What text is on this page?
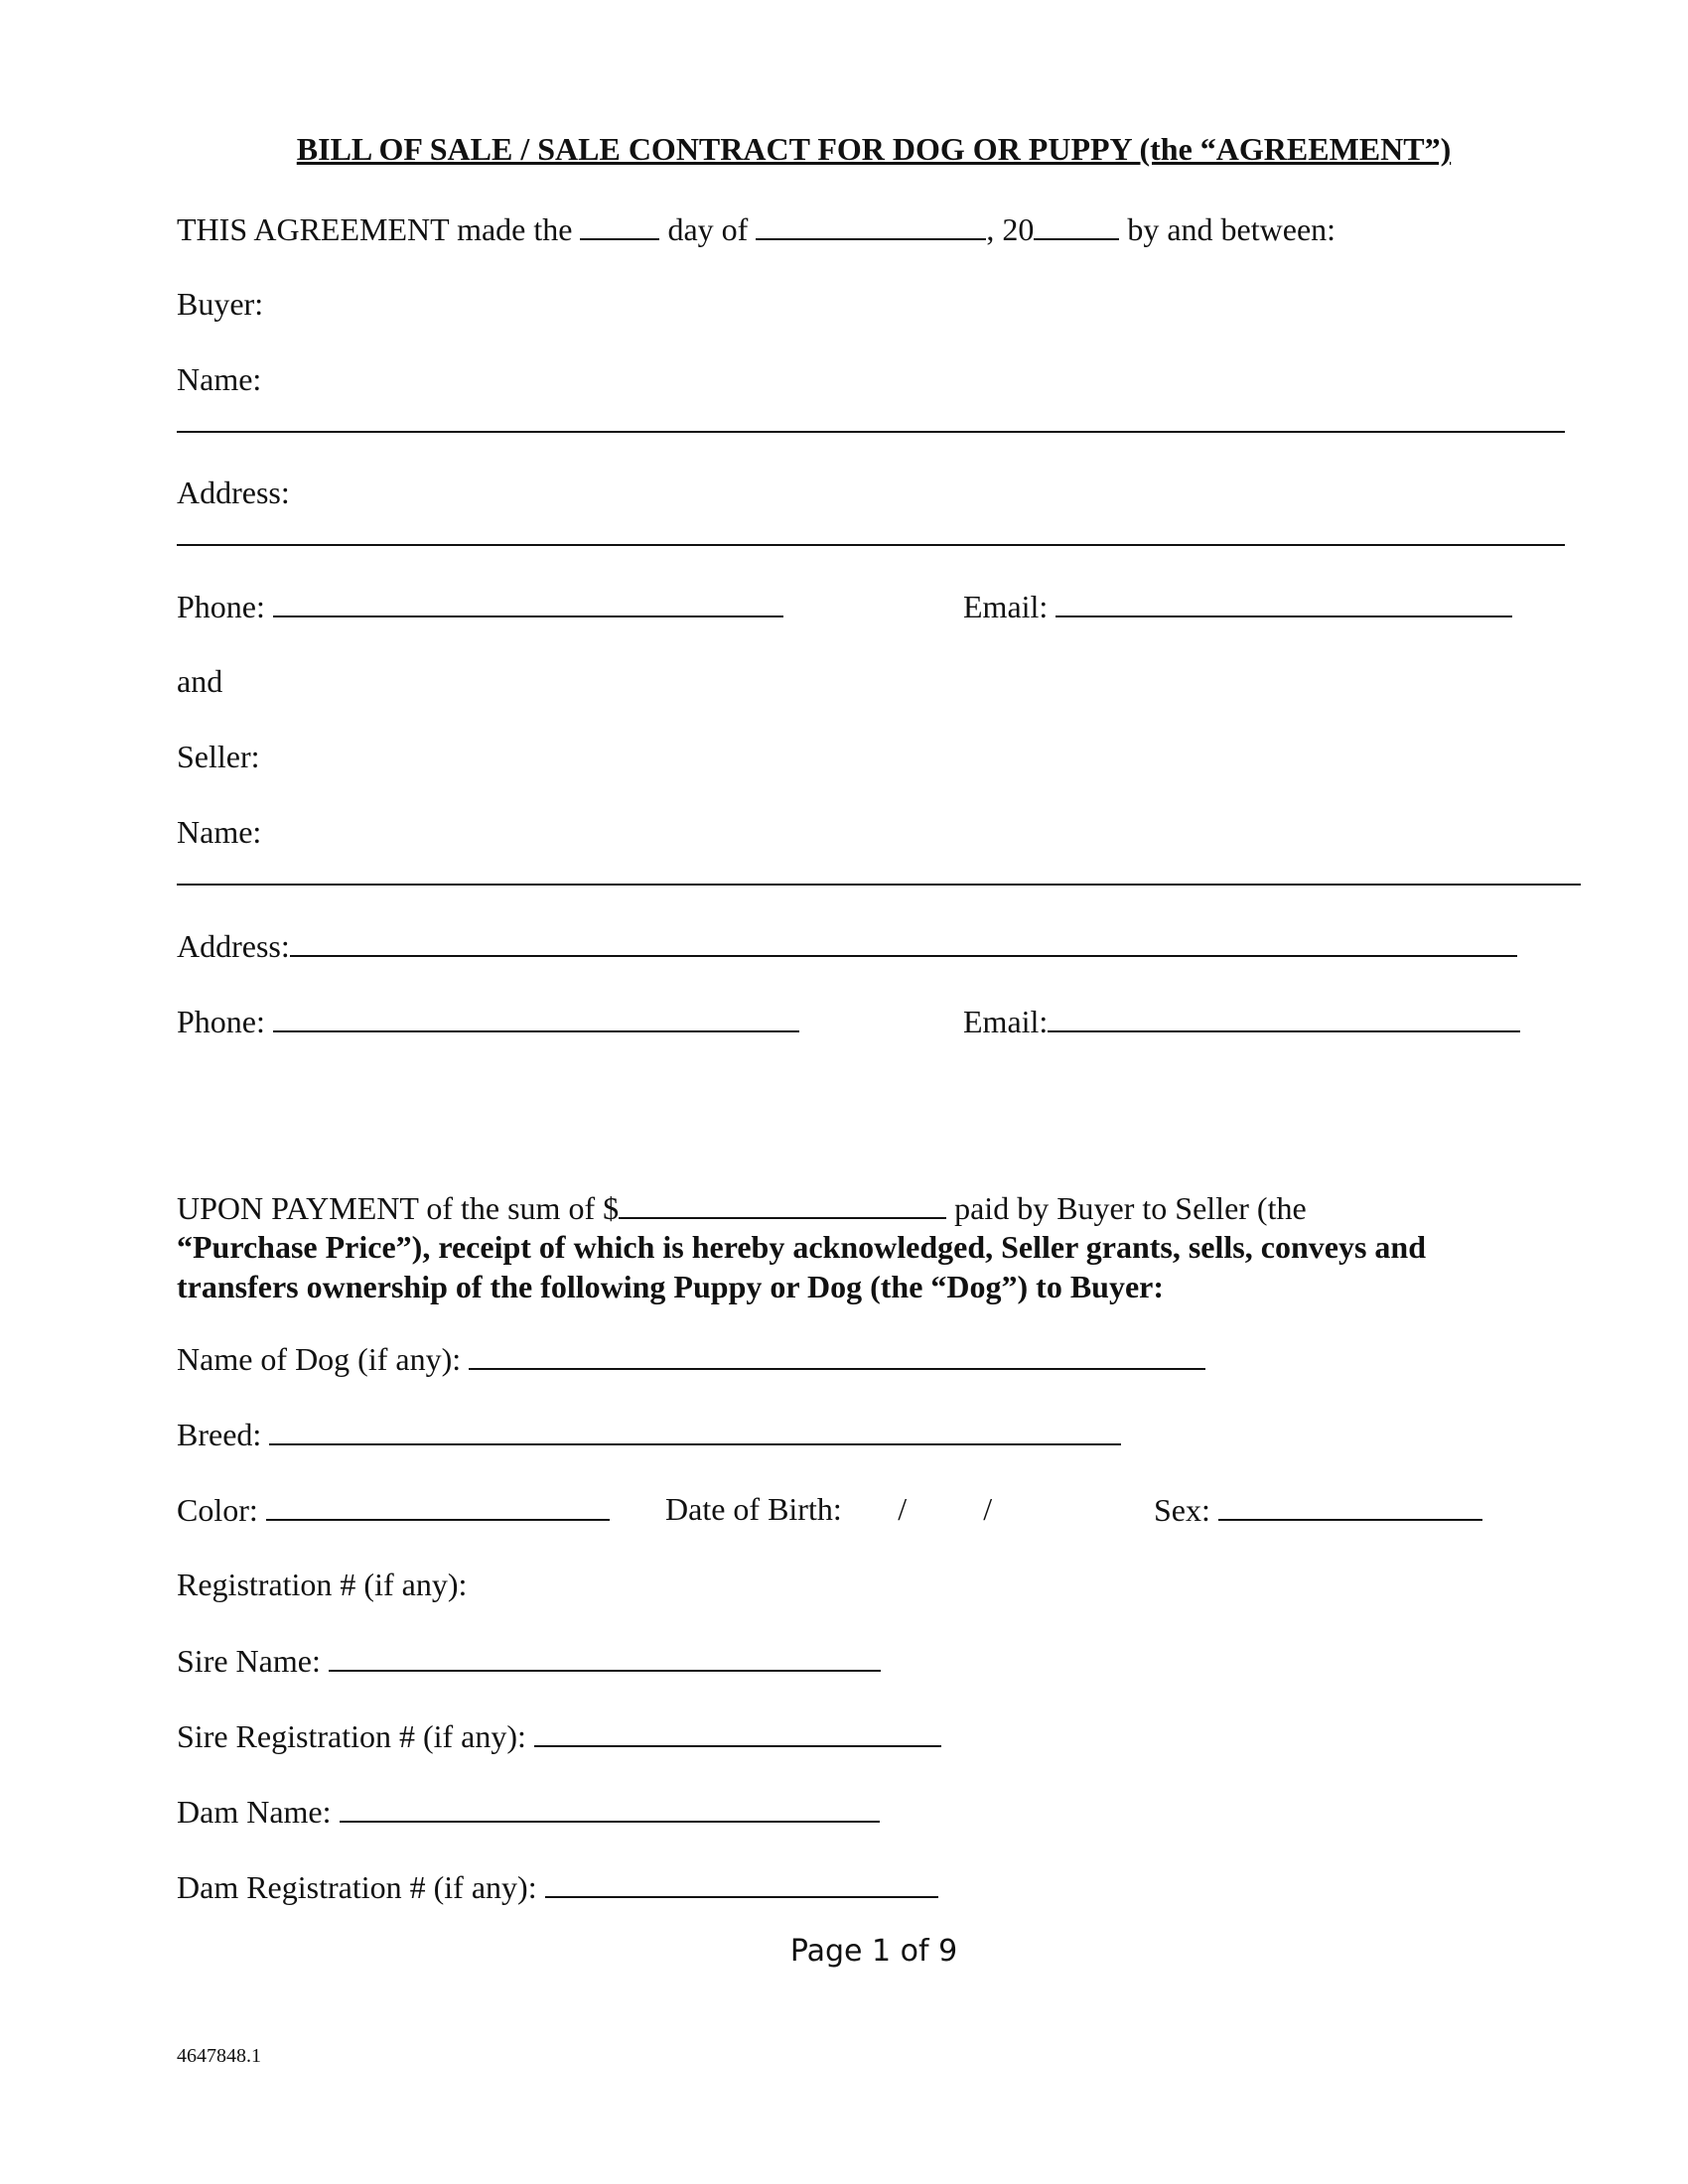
BILL OF SALE / SALE CONTRACT FOR DOG OR PUPPY (the “AGREEMENT”)
THIS AGREEMENT made the	day of	, 20	by and between:
Buyer:
Name:
Address:
Phone:	Email:
and
Seller:
Name:
Address:
Phone:	Email:
UPON PAYMENT of the sum of $	paid by Buyer to Seller (the
“Purchase Price”), receipt of which is hereby acknowledged, Seller grants, sells, conveys and transfers ownership of the following Puppy or Dog (the “Dog”) to Buyer:
Name of Dog (if any):
Breed:
Color:	Date of Birth: / /	Sex:
Registration # (if any):
Sire Name:
Sire Registration # (if any):
Dam Name:
Dam Registration # (if any):
Page 1 of 9
4647848.1
